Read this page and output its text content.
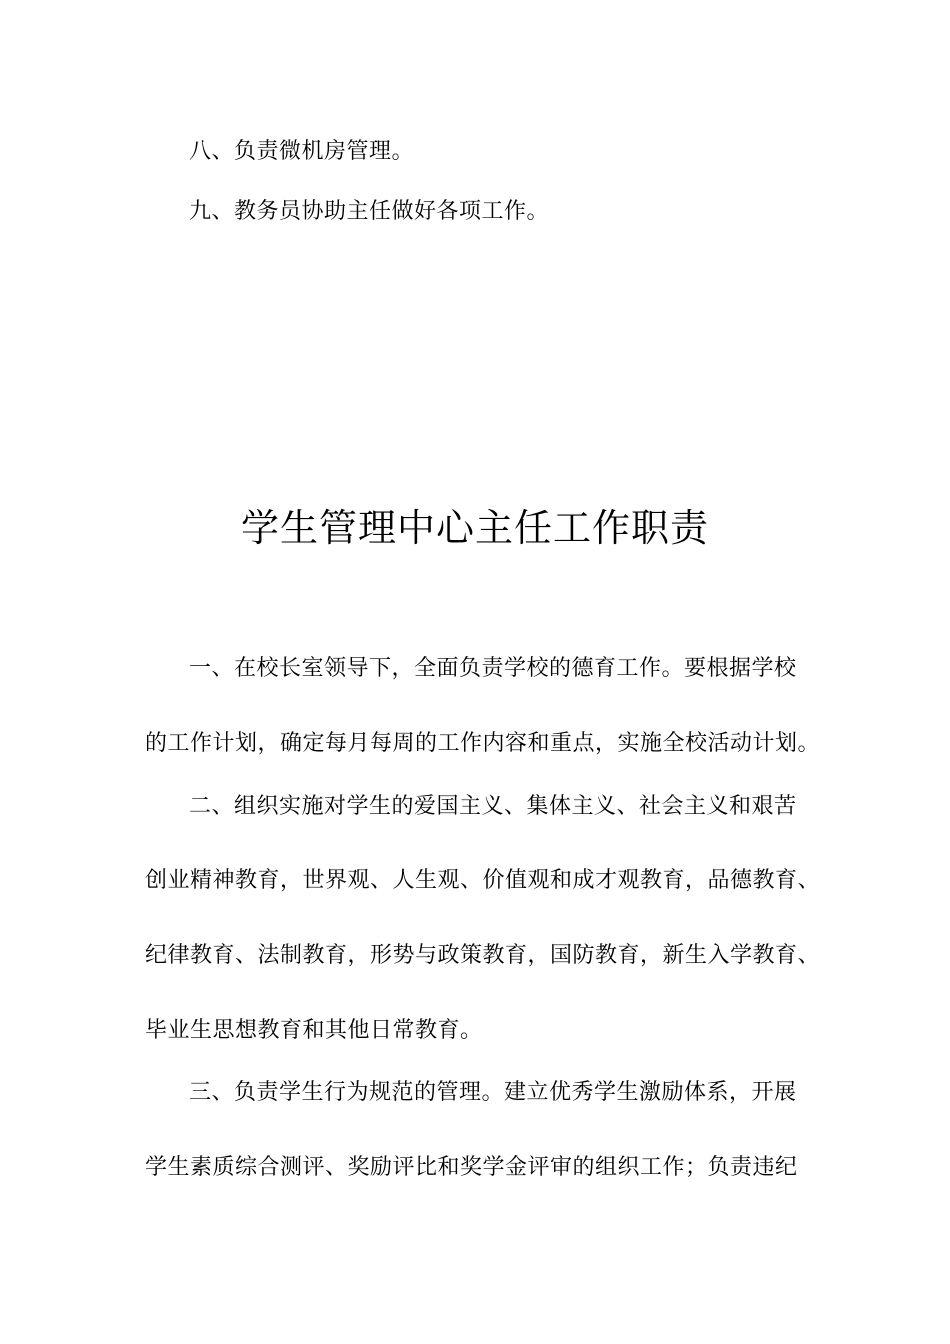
八、负责微机房管理。
九、教务员协助主任做好各项工作。
学生管理中心主任工作职责
一、在校长室领导下，全面负责学校的德育工作。要根据学校
的工作计划，确定每月每周的工作内容和重点，实施全校活动计划。
二、组织实施对学生的爱国主义、集体主义、社会主义和艰苦
创业精神教育，世界观、人生观、价值观和成才观教育，品德教育、
纪律教育、法制教育，形势与政策教育，国防教育，新生入学教育、
毕业生思想教育和其他日常教育。
三、负责学生行为规范的管理。建立优秀学生激励体系，开展
学生素质综合测评、奖励评比和奖学金评审的组织工作；负责违纪
